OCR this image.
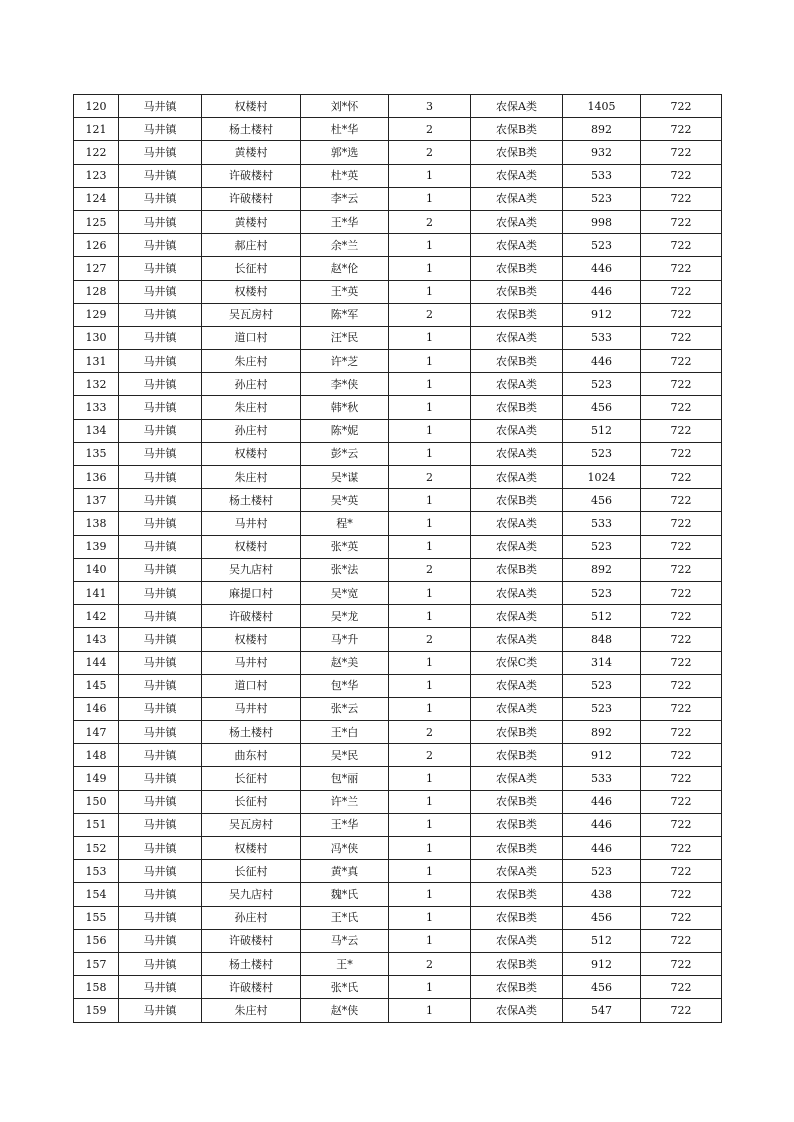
120	马井镇	权楼村	刘*怀	3	农保A类	1405	722
121	马井镇	杨土楼村	杜*华	2	农保B类	892	722
122	马井镇	黄楼村	郭*选	2	农保B类	932	722
123	马井镇	许破楼村	杜*英	1	农保A类	533	722
124	马井镇	许破楼村	李*云	1	农保A类	523	722
125	马井镇	黄楼村	王*华	2	农保A类	998	722
126	马井镇	郝庄村	余*兰	1	农保A类	523	722
127	马井镇	长征村	赵*伦	1	农保B类	446	722
128	马井镇	权楼村	王*英	1	农保B类	446	722
129	马井镇	吴瓦房村	陈*军	2	农保B类	912	722
130	马井镇	道口村	汪*民	1	农保A类	533	722
131	马井镇	朱庄村	许*芝	1	农保B类	446	722
132	马井镇	孙庄村	李*侠	1	农保A类	523	722
133	马井镇	朱庄村	韩*秋	1	农保B类	456	722
134	马井镇	孙庄村	陈*妮	1	农保A类	512	722
135	马井镇	权楼村	彭*云	1	农保A类	523	722
136	马井镇	朱庄村	吴*谋	2	农保A类	1024	722
137	马井镇	杨土楼村	吴*英	1	农保B类	456	722
138	马井镇	马井村	程*	1	农保A类	533	722
139	马井镇	权楼村	张*英	1	农保A类	523	722
140	马井镇	吴九店村	张*法	2	农保B类	892	722
141	马井镇	麻提口村	吴*宽	1	农保A类	523	722
142	马井镇	许破楼村	吴*龙	1	农保A类	512	722
143	马井镇	权楼村	马*升	2	农保A类	848	722
144	马井镇	马井村	赵*美	1	农保C类	314	722
145	马井镇	道口村	包*华	1	农保A类	523	722
146	马井镇	马井村	张*云	1	农保A类	523	722
147	马井镇	杨土楼村	王*白	2	农保B类	892	722
148	马井镇	曲东村	吴*民	2	农保B类	912	722
149	马井镇	长征村	包*丽	1	农保A类	533	722
150	马井镇	长征村	许*兰	1	农保B类	446	722
151	马井镇	吴瓦房村	王*华	1	农保B类	446	722
152	马井镇	权楼村	冯*侠	1	农保B类	446	722
153	马井镇	长征村	黄*真	1	农保A类	523	722
154	马井镇	吴九店村	魏*氏	1	农保B类	438	722
155	马井镇	孙庄村	王*氏	1	农保B类	456	722
156	马井镇	许破楼村	马*云	1	农保A类	512	722
157	马井镇	杨土楼村	王*	2	农保B类	912	722
158	马井镇	许破楼村	张*氏	1	农保B类	456	722
159	马井镇	朱庄村	赵*侠	1	农保A类	547	722
